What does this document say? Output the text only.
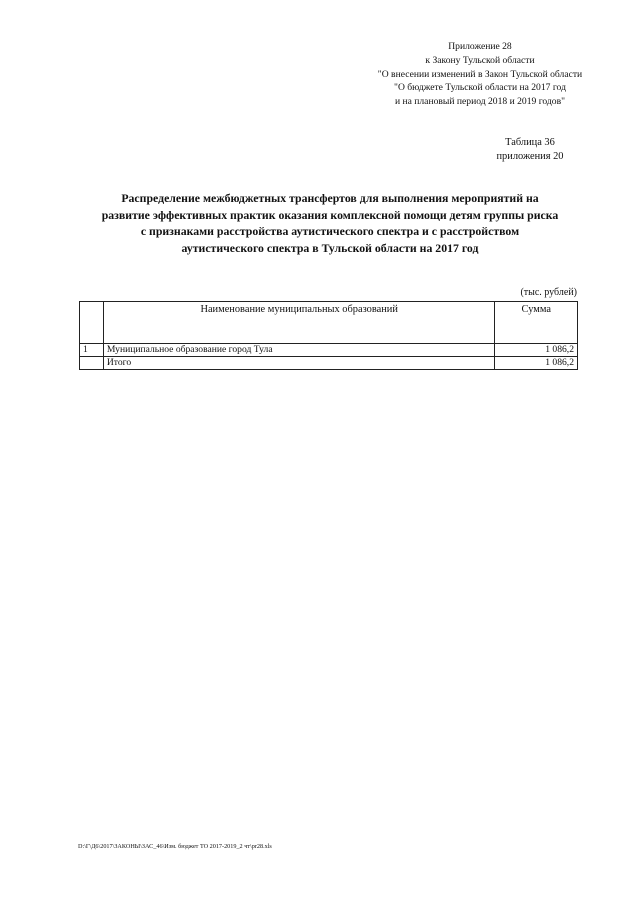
Приложение 28
к Закону Тульской области
"О внесении изменений в Закон Тульской области
"О бюджете Тульской области на 2017 год
и на плановый период 2018 и 2019 годов"
Таблица 36
приложения 20
Распределение межбюджетных трансфертов для выполнения мероприятий на
развитие эффективных практик оказания комплексной помощи детям группы риска
с признаками расстройства аутистического спектра и с расстройством
аутистического спектра в Тульской области на 2017 год
(тыс. рублей)
	Наименование муниципальных образований	Сумма
1	Муниципальное образование город Тула	1 086,2
	Итого	1 086,2
D:\Г\Д6\2017\ЗАКОНЫ\ЗАС_46\Изм. бюджет ТО 2017-2019_2 чт\pr28.xls
